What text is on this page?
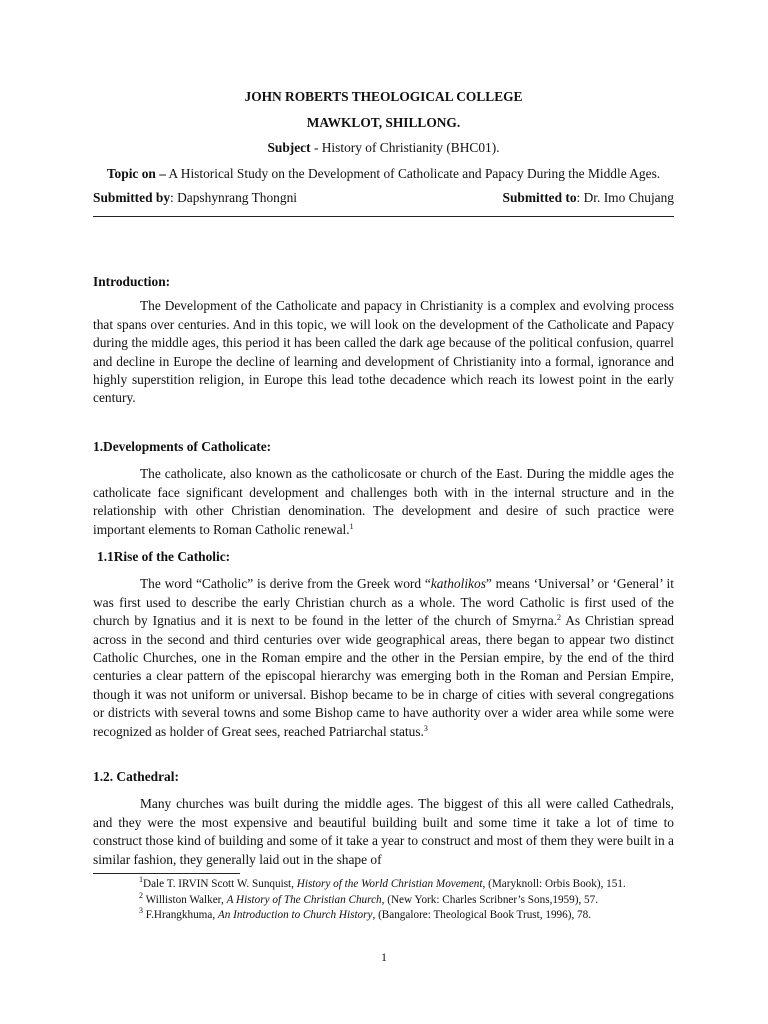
JOHN ROBERTS THEOLOGICAL COLLEGE
MAWKLOT, SHILLONG.
Subject - History of Christianity (BHC01).
Topic on – A Historical Study on the Development of Catholicate and Papacy During the Middle Ages.
Submitted by: Dapshynrang Thongni	Submitted to: Dr. Imo Chujang
Introduction:

The Development of the Catholicate and papacy in Christianity is a complex and evolving process that spans over centuries. And in this topic, we will look on the development of the Catholicate and Papacy during the middle ages, this period it has been called the dark age because of the political confusion, quarrel and decline in Europe the decline of learning and development of Christianity into a formal, ignorance and highly superstition religion, in Europe this lead tothe decadence which reach its lowest point in the early century.

1.Developments of Catholicate:

The catholicate, also known as the catholicosate or church of the East. During the middle ages the catholicate face significant development and challenges both with in the internal structure and in the relationship with other Christian denomination. The development and desire of such practice were important elements to Roman Catholic renewal.$^1$

1.1Rise of the Catholic:

The word “Catholic” is derive from the Greek word “katholikos” means ‘Universal’ or ‘General’ it was first used to describe the early Christian church as a whole. The word Catholic is first used of the church by Ignatius and it is next to be found in the letter of the church of Smyrna.$^2$ As Christian spread across in the second and third centuries over wide geographical areas, there began to appear two distinct Catholic Churches, one in the Roman empire and the other in the Persian empire, by the end of the third centuries a clear pattern of the episcopal hierarchy was emerging both in the Roman and Persian Empire, though it was not uniform or universal. Bishop became to be in charge of cities with several congregations or districts with several towns and some Bishop came to have authority over a wider area while some were recognized as holder of Great sees, reached Patriarchal status.$^3$

1.2. Cathedral:

Many churches was built during the middle ages. The biggest of this all were called Cathedrals, and they were the most expensive and beautiful building built and some time it take a lot of time to construct those kind of building and some of it take a year to construct and most of them they were built in a similar fashion, they generally laid out in the shape of

$^1$Dale T. IRVIN Scott W. Sunquist, History of the World Christian Movement, (Maryknoll: Orbis Book), 151.

$^2$ Williston Walker, A History of The Christian Church, (New York: Charles Scribner’s Sons,1959), 57.

$^3$ F.Hrangkhuma, An Introduction to Church History, (Bangalore: Theological Book Trust, 1996), 78.

1
